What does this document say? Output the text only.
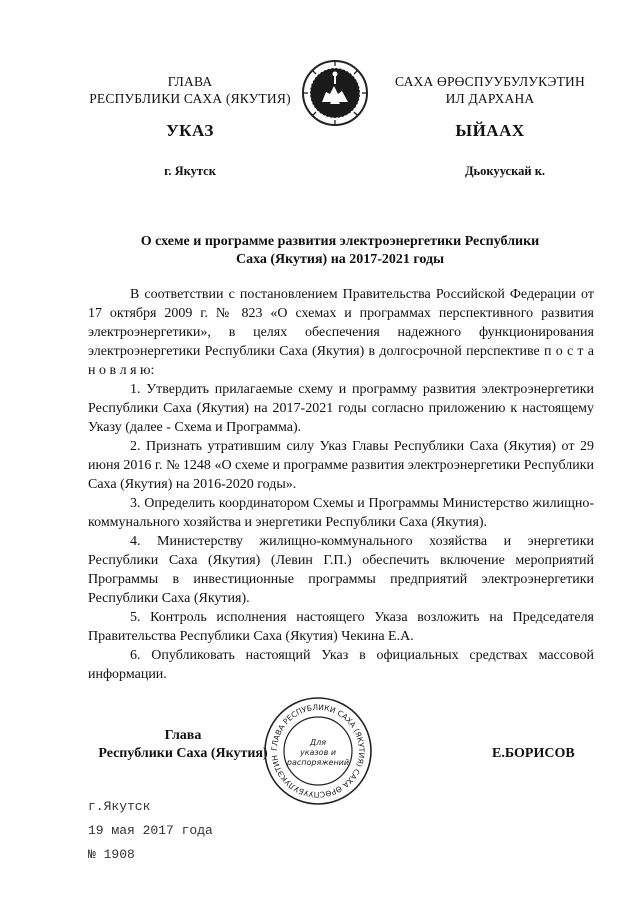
ГЛАВА
РЕСПУБЛИКИ САХА (ЯКУТИЯ)
САХА ӨРӨСПУУБУЛУКЭТИН
ИЛ ДАРХАНА
УКАЗ	ЫЙААХ
г. Якутск	Дьокуускай к.
О схеме и программе развития электроэнергетики Республики
Саха (Якутия) на 2017-2021 годы

В соответствии с постановлением Правительства Российской Федерации от 17 октября 2009 г. № 823 «О схемах и программах перспективного развития электроэнергетики», в целях обеспечения надежного функционирования электроэнергетики Республики Саха (Якутия) в долгосрочной перспективе п о с т а н о в л я ю:

1. Утвердить прилагаемые схему и программу развития электроэнергетики Республики Саха (Якутия) на 2017-2021 годы согласно приложению к настоящему Указу (далее - Схема и Программа).

2. Признать утратившим силу Указ Главы Республики Саха (Якутия) от 29 июня 2016 г. № 1248 «О схеме и программе развития электроэнергетики Республики Саха (Якутия) на 2016-2020 годы».

3. Определить координатором Схемы и Программы Министерство жилищно-коммунального хозяйства и энергетики Республики Саха (Якутия).

4. Министерству жилищно-коммунального хозяйства и энергетики Республики Саха (Якутия) (Левин Г.П.) обеспечить включение мероприятий Программы в инвестиционные программы предприятий электроэнергетики Республики Саха (Якутия).

5. Контроль исполнения настоящего Указа возложить на Председателя Правительства Республики Саха (Якутия) Чекина Е.А.

6. Опубликовать настоящий Указ в официальных средствах массовой информации.

Глава
Республики Саха (Якутия) ГЛАВА РЕСПУБЛИКИ САХА (ЯКУТИЯ) САХА ӨРӨСПУУБУЛУКЭТИН
Для
указов и
распоряжений
Е.БОРИСОВ
г.Якутск
19 мая 2017 года
№ 1908
